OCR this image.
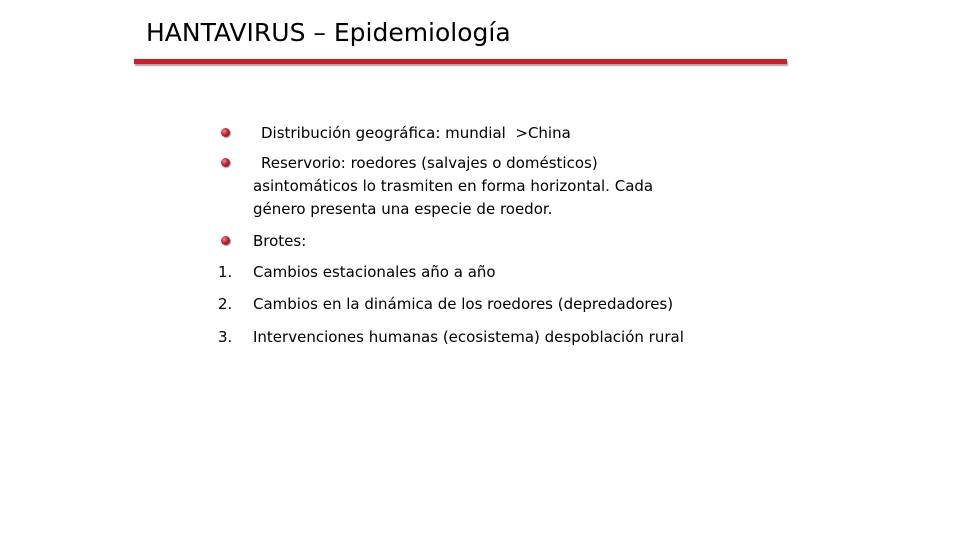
HANTAVIRUS – Epidemiología
Distribución geográfica: mundial  >China
Reservorio: roedores (salvajes o domésticos)
asintomáticos lo trasmiten en forma horizontal. Cada
género presenta una especie de roedor.
Brotes:
1. Cambios estacionales año a año
2. Cambios en la dinámica de los roedores (depredadores)
3. Intervenciones humanas (ecosistema) despoblación rural
